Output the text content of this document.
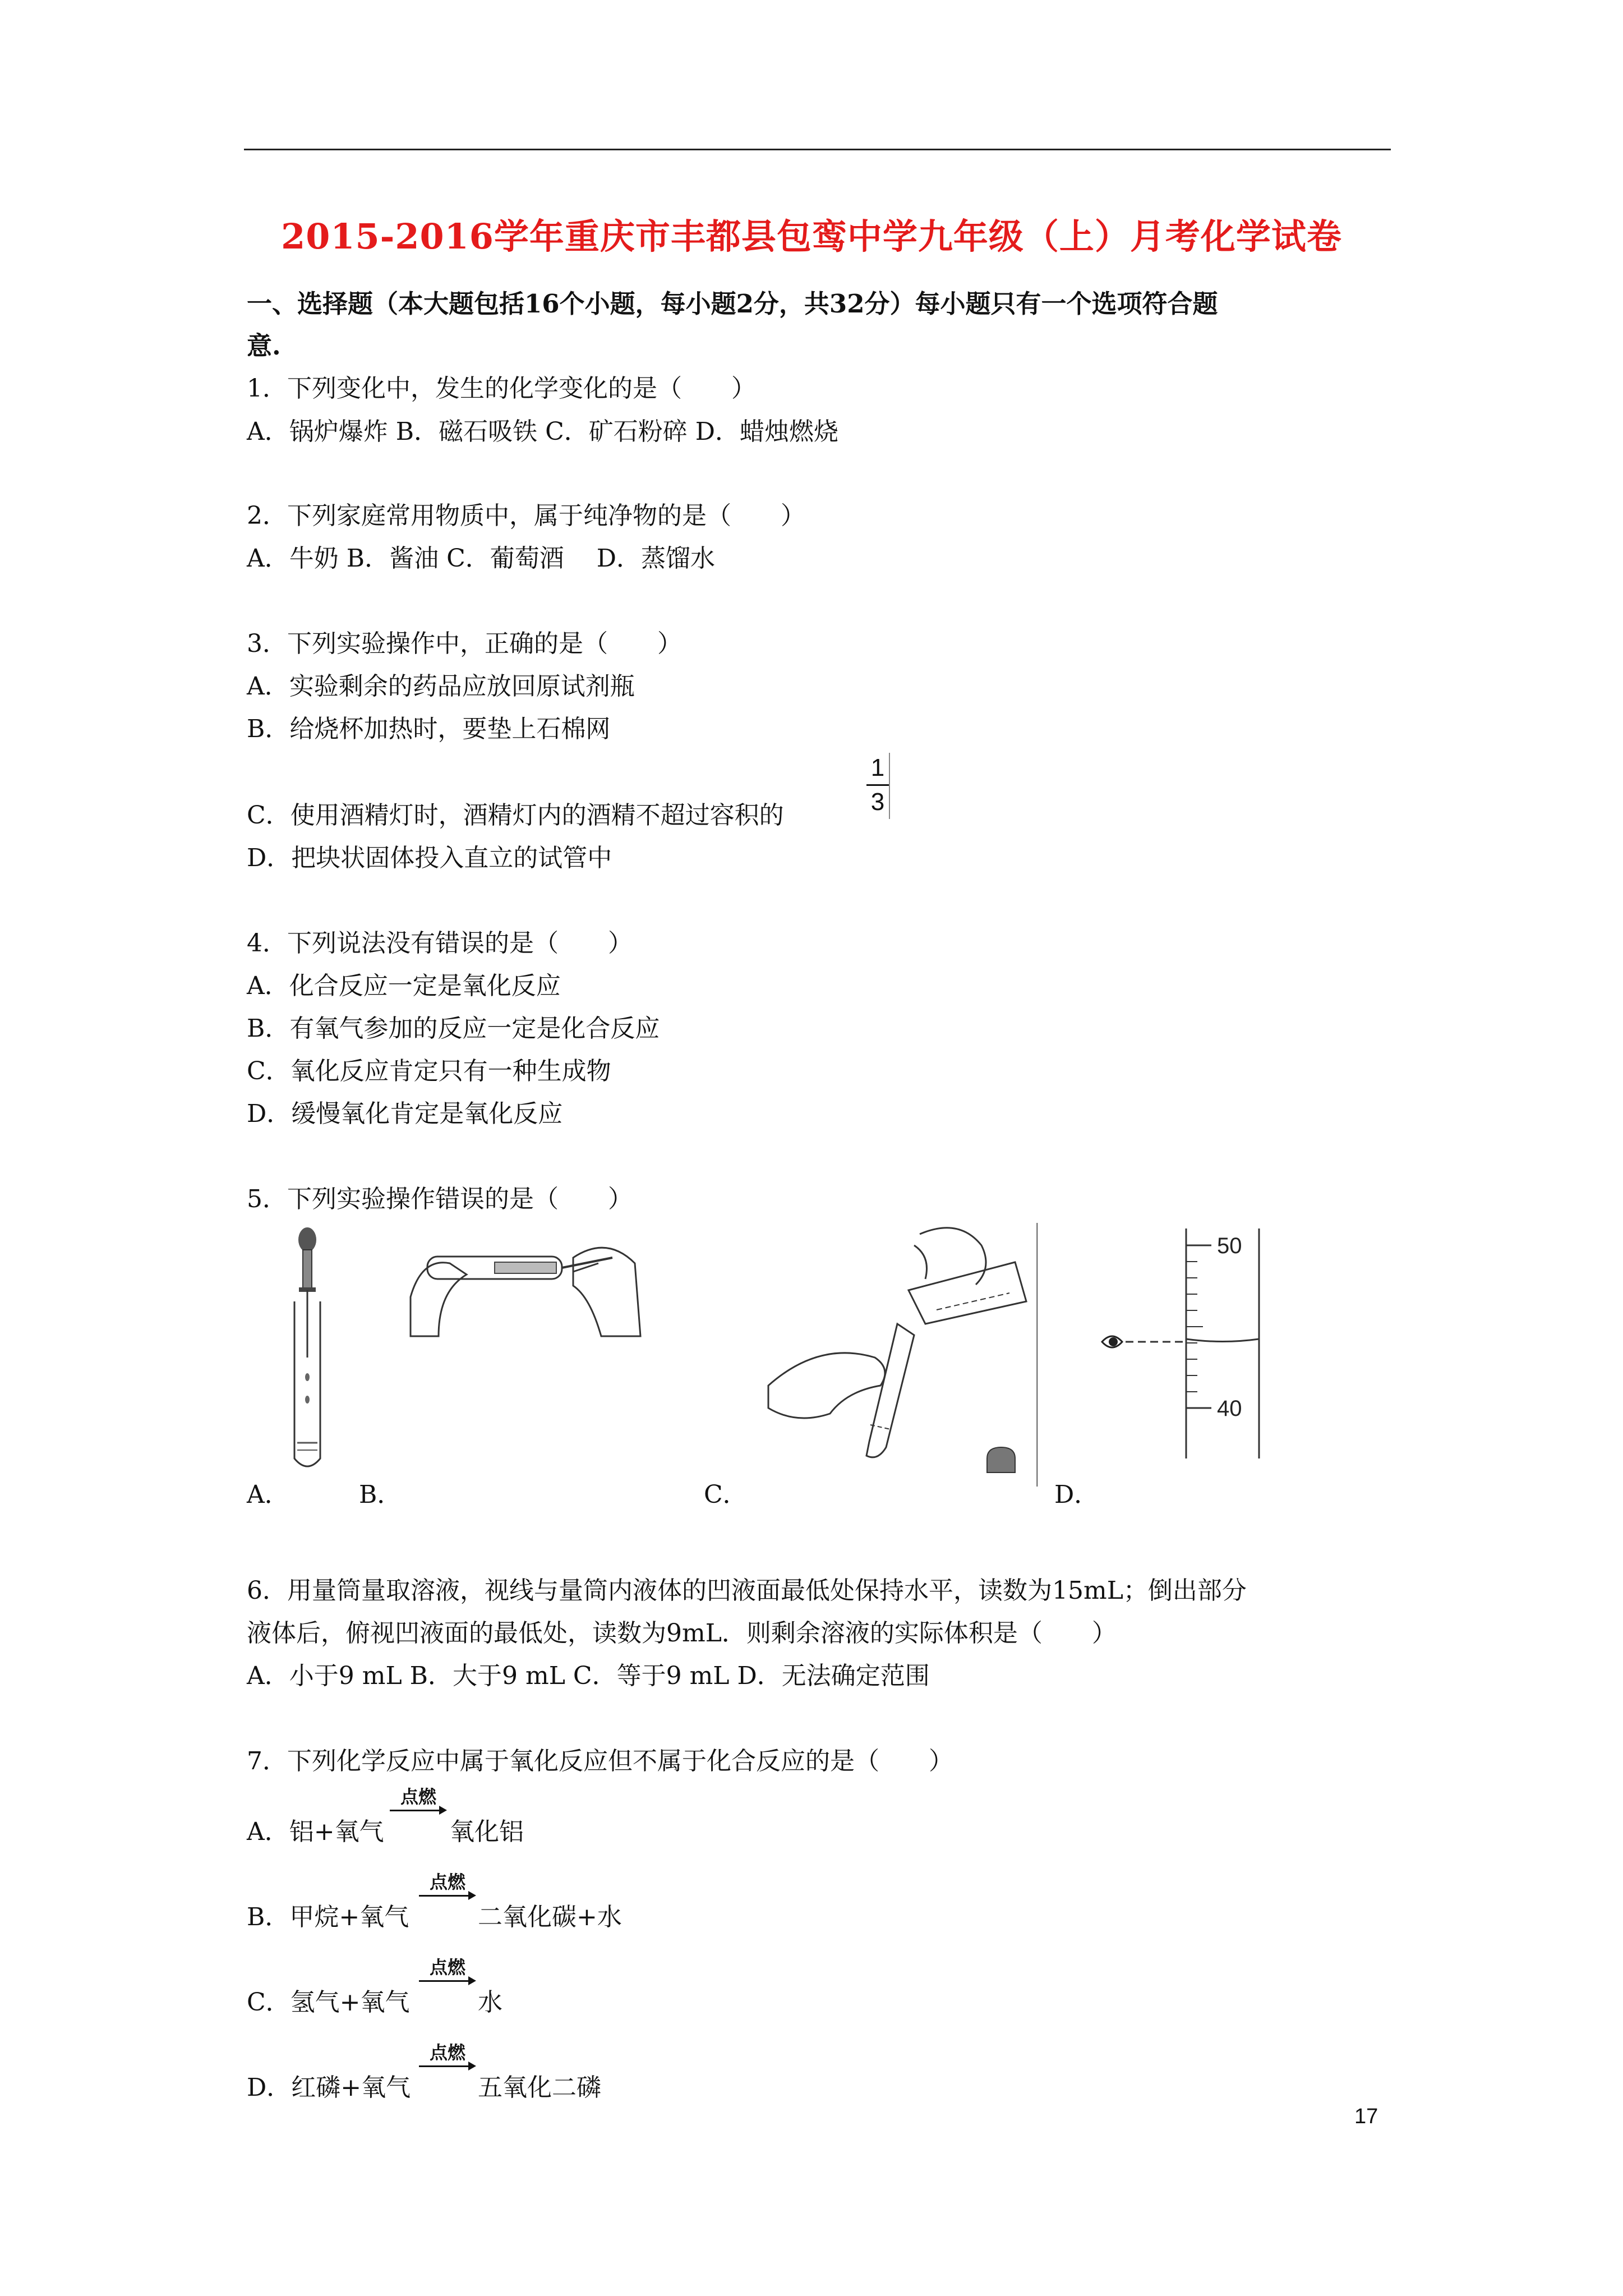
2015-2016学年重庆市丰都县包鸾中学九年级（上）月考化学试卷
一、选择题（本大题包括16个小题，每小题2分，共32分）每小题只有一个选项符合题
意.
1．下列变化中，发生的化学变化的是（　　）
A．锅炉爆炸 B．磁石吸铁 C．矿石粉碎 D．蜡烛燃烧
2．下列家庭常用物质中，属于纯净物的是（　　）
A．牛奶 B．酱油 C．葡萄酒　 D．蒸馏水
3．下列实验操作中，正确的是（　　）
A．实验剩余的药品应放回原试剂瓶
B．给烧杯加热时，要垫上石棉网
C．使用酒精灯时，酒精灯内的酒精不超过容积的
1
3
D．把块状固体投入直立的试管中
4．下列说法没有错误的是（　　）
A．化合反应一定是氧化反应
B．有氧气参加的反应一定是化合反应
C．氧化反应肯定只有一种生成物
D．缓慢氧化肯定是氧化反应
5．下列实验操作错误的是（　　）
A．	B．	C．
50
40
D．
6．用量筒量取溶液，视线与量筒内液体的凹液面最低处保持水平，读数为15mL；倒出部分
液体后，俯视凹液面的最低处，读数为9mL．则剩余溶液的实际体积是（　　）
A．小于9 mL B．大于9 mL C．等于9 mL D．无法确定范围
7．下列化学反应中属于氧化反应但不属于化合反应的是（　　）
A．铝+氧气
点燃
氧化铝
B．甲烷+氧气
点燃
二氧化碳+水
C．氢气+氧气
点燃
水
D．红磷+氧气
点燃
五氧化二磷
17
